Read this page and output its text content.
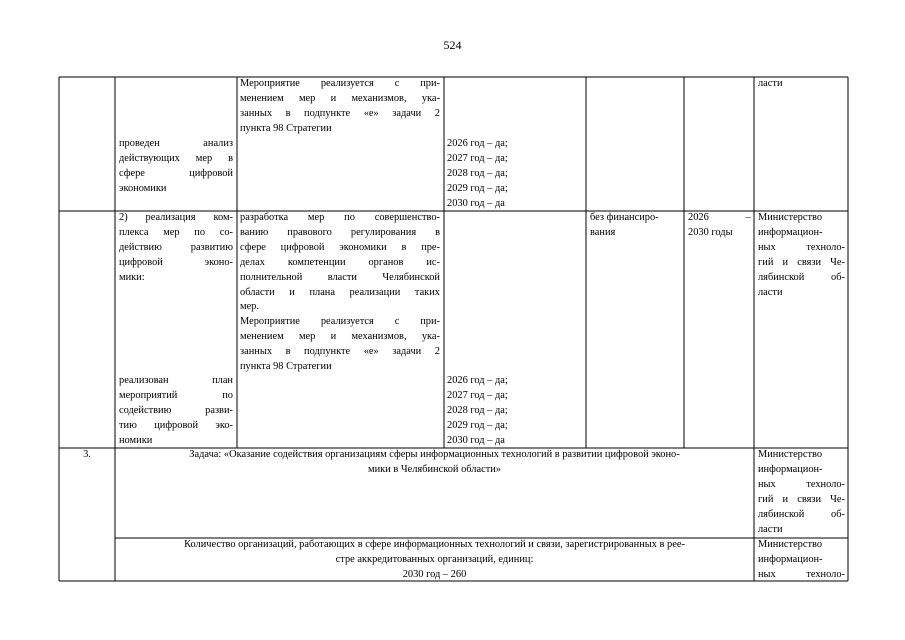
524
Мероприятие реализуется с при-
менением мер и механизмов, ука-
занных в подпункте «е» задачи 2
пункта 98 Стратегии
проведен анализ
действующих мер в
сфере цифровой
экономики
2026 год – да;
2027 год – да;
2028 год – да;
2029 год – да;
2030 год – да
ласти
2) реализация ком-
плекса мер по со-
действию развитию
цифровой эконо-
мики:
реализован план
мероприятий по
содействию разви-
тию цифровой эко-
номики
разработка мер по совершенство-
ванию правового регулирования в
сфере цифровой экономики в пре-
делах компетенции органов ис-
полнительной власти Челябинской
области и плана реализации таких
мер.
Мероприятие реализуется с при-
менением мер и механизмов, ука-
занных в подпункте «е» задачи 2
пункта 98 Стратегии
2026 год – да;
2027 год – да;
2028 год – да;
2029 год – да;
2030 год – да
без финансиро-
вания
2026 –
2030 годы
Министерство
информацион-
ных техноло-
гий и связи Че-
лябинской об-
ласти
3.	Задача: «Оказание содействия организациям сферы информационных технологий в развитии цифровой эконо-
мики в Челябинской области»
Министерство
информацион-
ных техноло-
гий и связи Че-
лябинской об-
ласти
Количество организаций, работающих в сфере информационных технологий и связи, зарегистрированных в рее-
стре аккредитованных организаций, единиц:
2030 год – 260
Министерство
информацион-
ных техноло-
